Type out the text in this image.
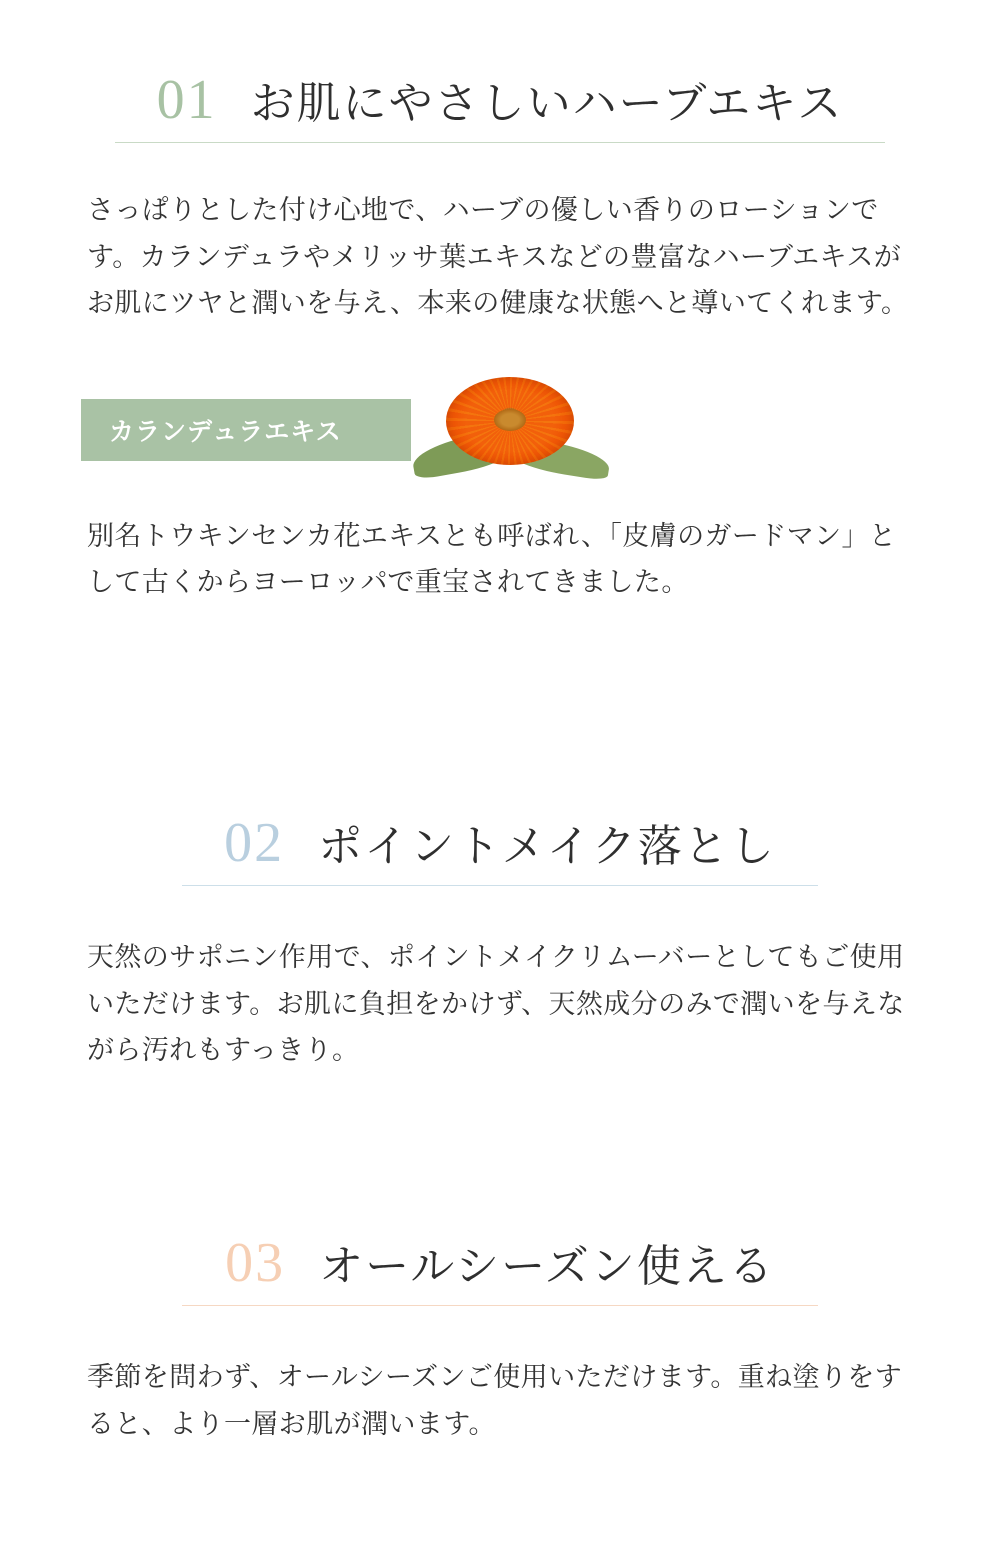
01 お肌にやさしいハーブエキス

さっぱりとした付け心地で、ハーブの優しい香りのローションです。カランデュラやメリッサ葉エキスなどの豊富なハーブエキスがお肌にツヤと潤いを与え、本来の健康な状態へと導いてくれます。

カランデュラエキス

別名トウキンセンカ花エキスとも呼ばれ、「皮膚のガードマン」として古くからヨーロッパで重宝されてきました。

02 ポイントメイク落とし

天然のサポニン作用で、ポイントメイクリムーバーとしてもご使用いただけます。お肌に負担をかけず、天然成分のみで潤いを与えながら汚れもすっきり。

03 オールシーズン使える

季節を問わず、オールシーズンご使用いただけます。重ね塗りをすると、より一層お肌が潤います。
